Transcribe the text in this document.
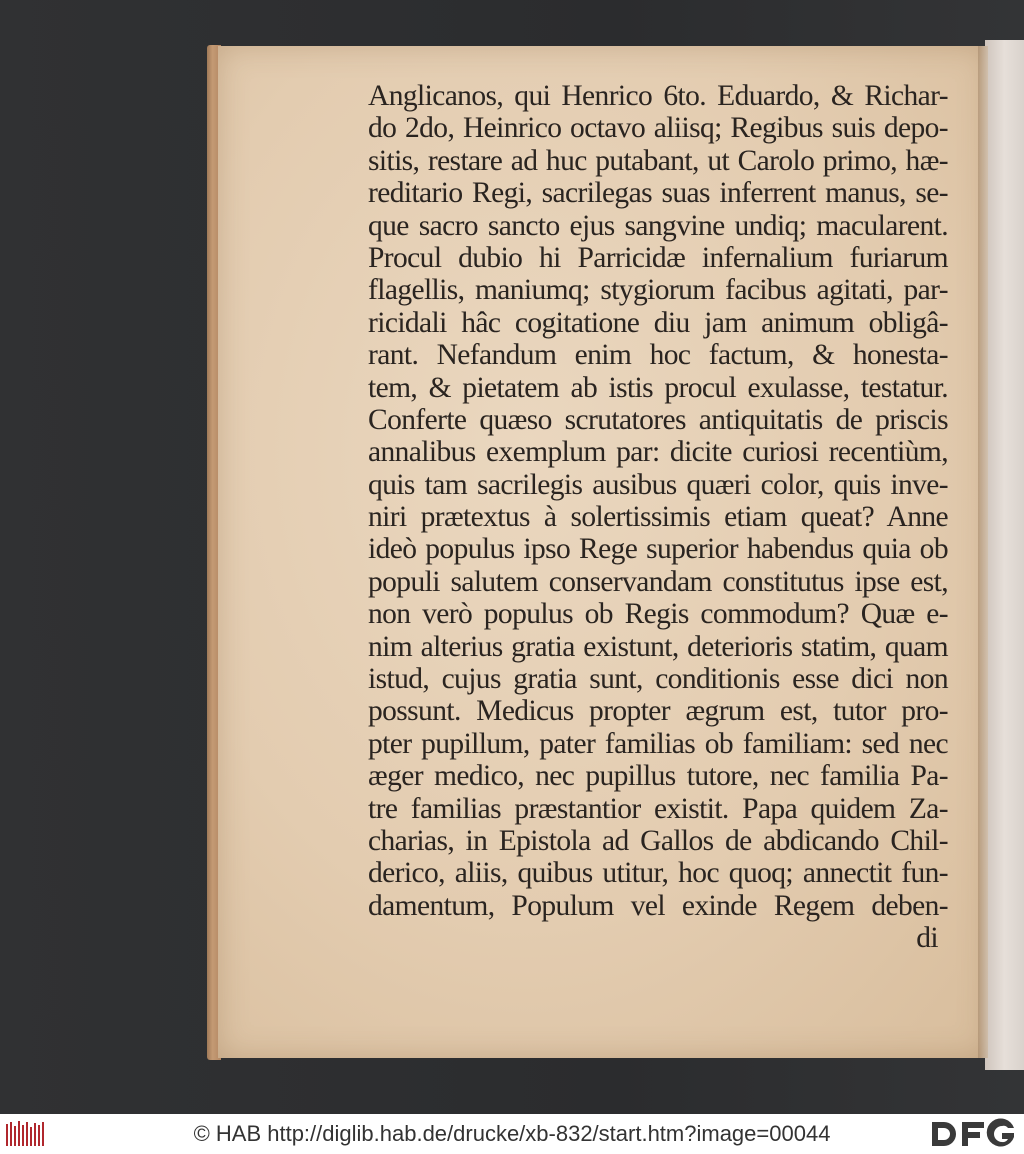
Anglicanos, qui Henrico 6to. Eduardo, & Richar-
do 2do, Heinrico octavo aliisq; Regibus suis depo-
sitis, restare ad huc putabant, ut Carolo primo, hæ-
reditario Regi, sacrilegas suas inferrent manus, se-
que sacro sancto ejus sangvine undiq; macularent.
Procul dubio hi Parricidæ infernalium furiarum
flagellis, maniumq; stygiorum facibus agitati, par-
ricidali hâc cogitatione diu jam animum obligâ-
rant. Nefandum enim hoc factum, & honesta-
tem, & pietatem ab istis procul exulasse, testatur.
Conferte quæso scrutatores antiquitatis de priscis
annalibus exemplum par: dicite curiosi recentiùm,
quis tam sacrilegis ausibus quæri color, quis inve-
niri prætextus à solertissimis etiam queat? Anne
ideò populus ipso Rege superior habendus quia ob
populi salutem conservandam constitutus ipse est,
non verò populus ob Regis commodum? Quæ e-
nim alterius gratia existunt, deterioris statim, quam
istud, cujus gratia sunt, conditionis esse dici non
possunt. Medicus propter ægrum est, tutor pro-
pter pupillum, pater familias ob familiam: sed nec
æger medico, nec pupillus tutore, nec familia Pa-
tre familias præstantior existit. Papa quidem Za-
charias, in Epistola ad Gallos de abdicando Chil-
derico, aliis, quibus utitur, hoc quoq; annectit fun-
damentum, Populum vel exinde Regem deben-
di
© HAB http://diglib.hab.de/drucke/xb-832/start.htm?image=00044
